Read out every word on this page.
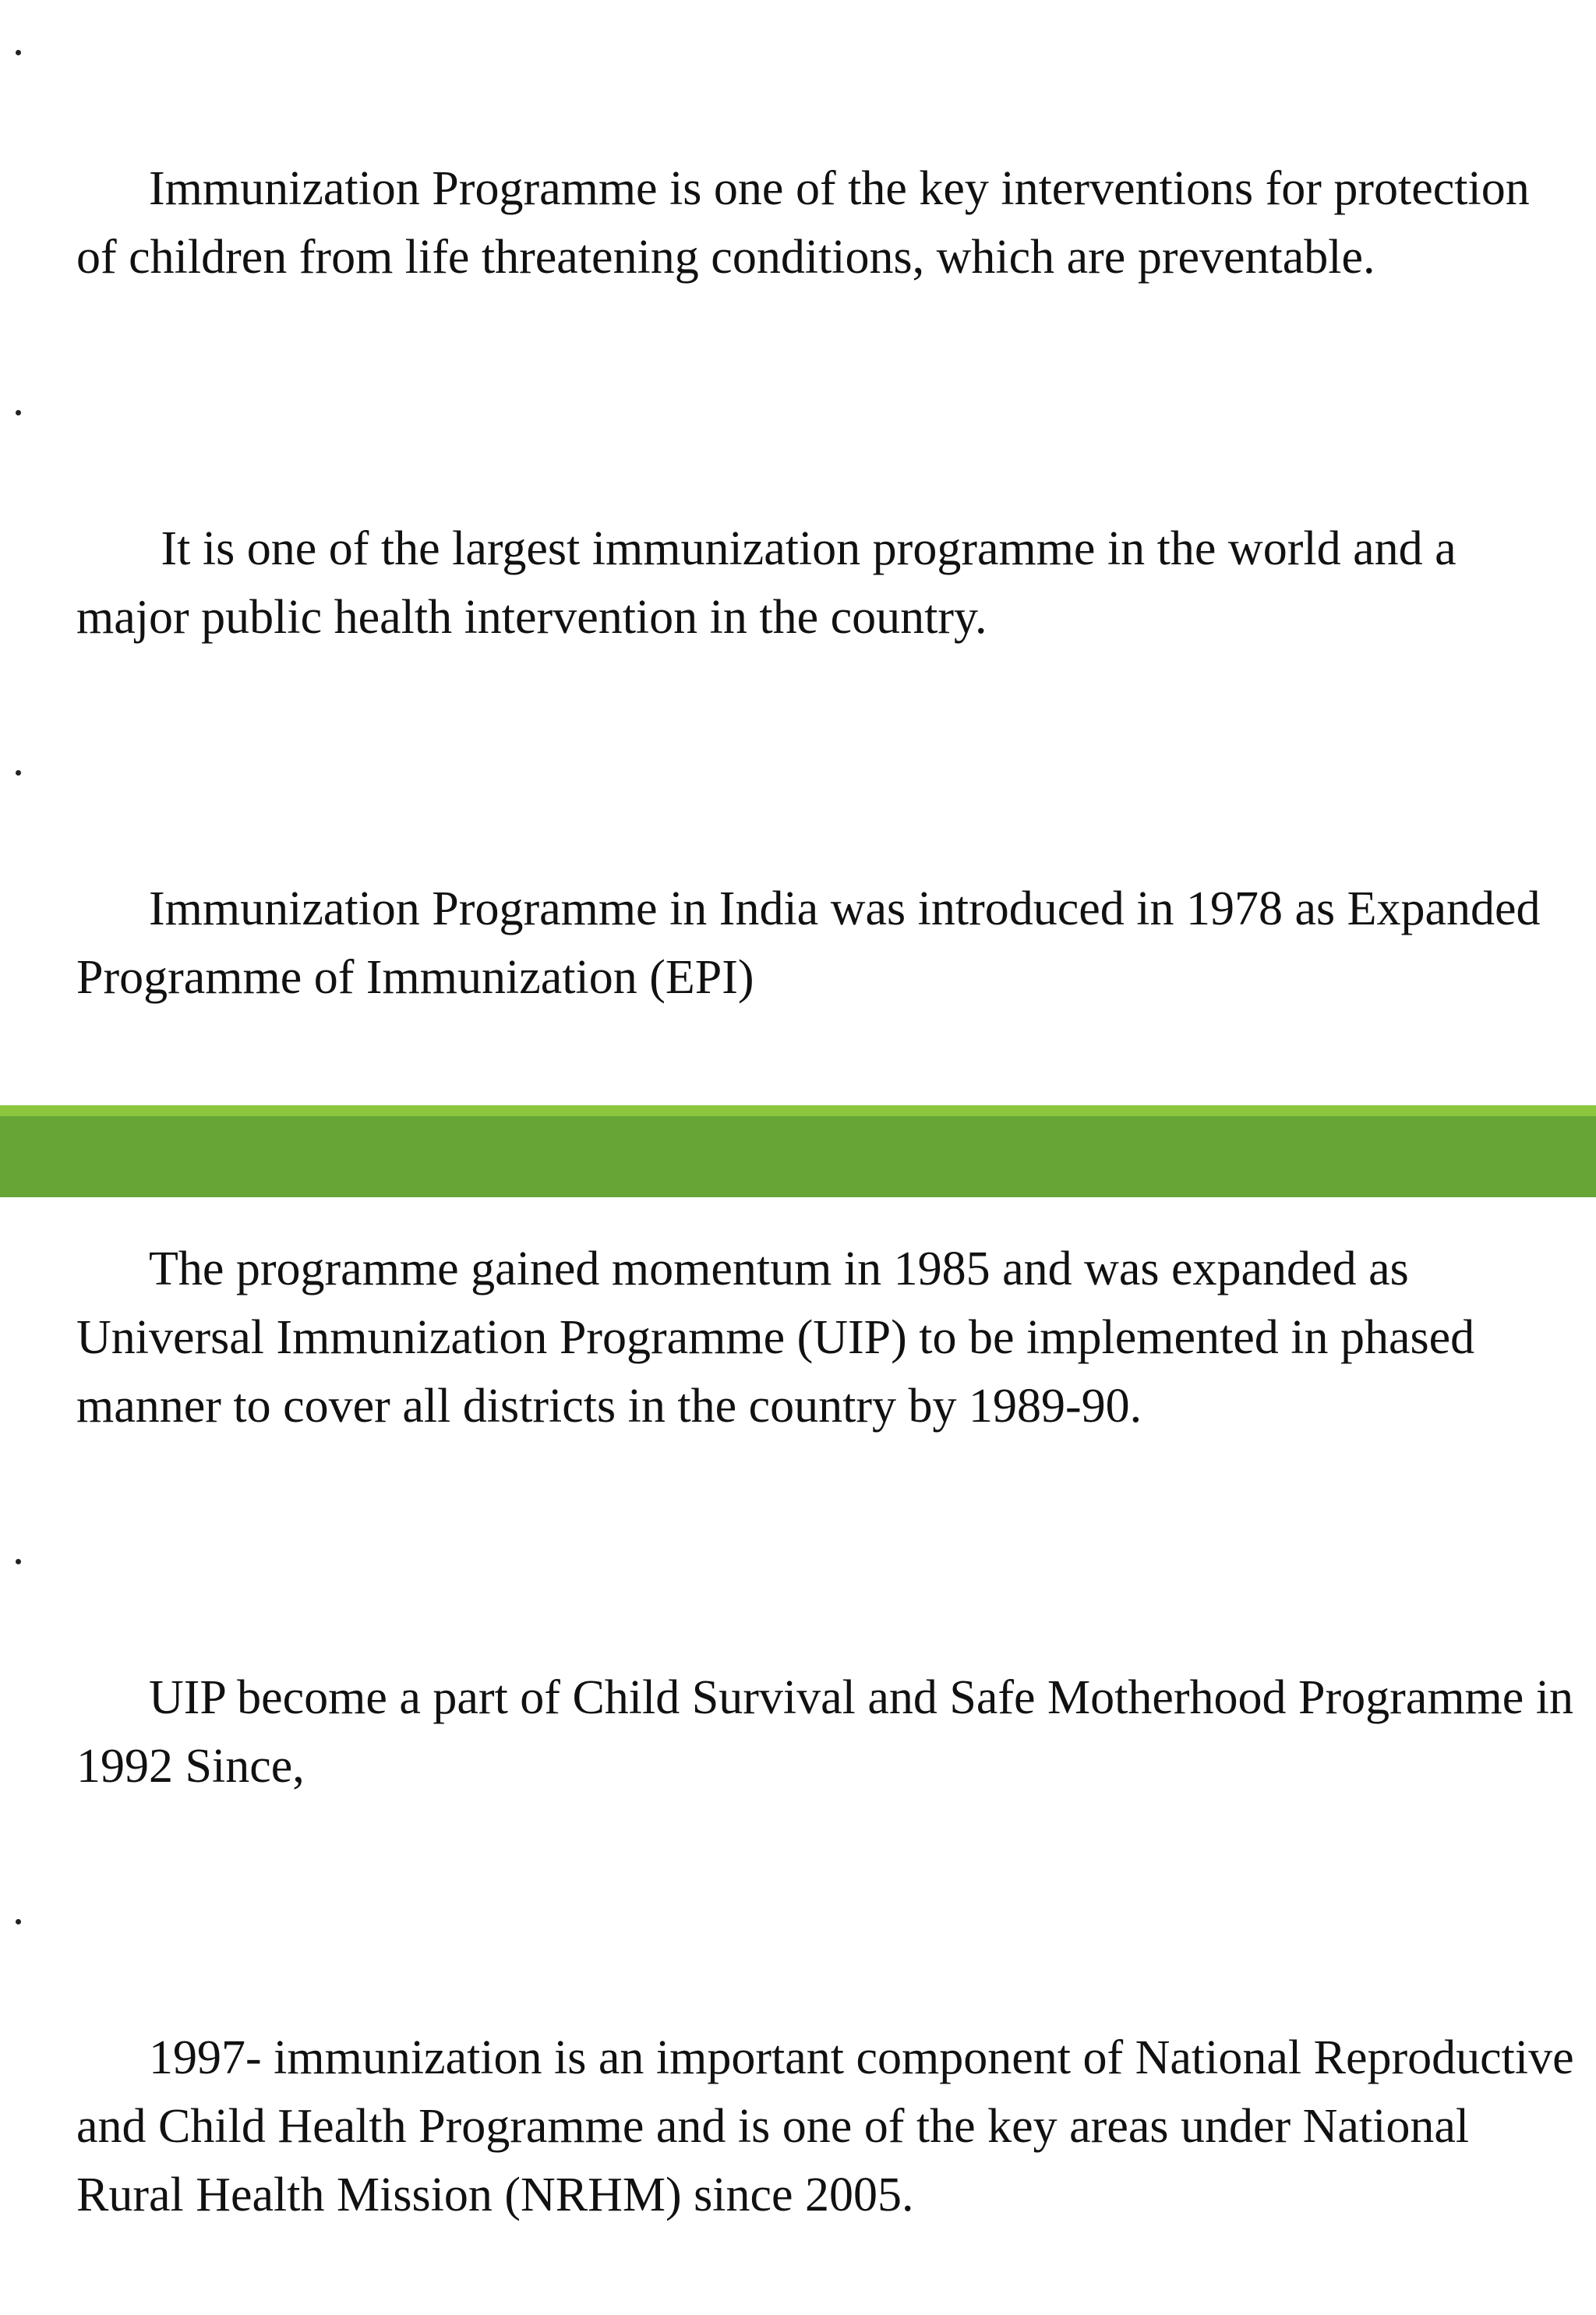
Immunization Programme is one of the key interventions for protection of children from life threatening conditions, which are preventable.

It is one of the largest immunization programme in the world and a major public health intervention in the country.

Immunization Programme in India was introduced in 1978 as Expanded Programme of Immunization (EPI)

The programme gained momentum in 1985 and was expanded as Universal Immunization Programme (UIP) to be implemented in phased manner to cover all districts in the country by 1989-90.

UIP become a part of Child Survival and Safe Motherhood Programme in 1992 Since,

1997- immunization is an important component of National Reproductive and Child Health Programme and is one of the key areas under National Rural Health Mission (NRHM) since 2005.
